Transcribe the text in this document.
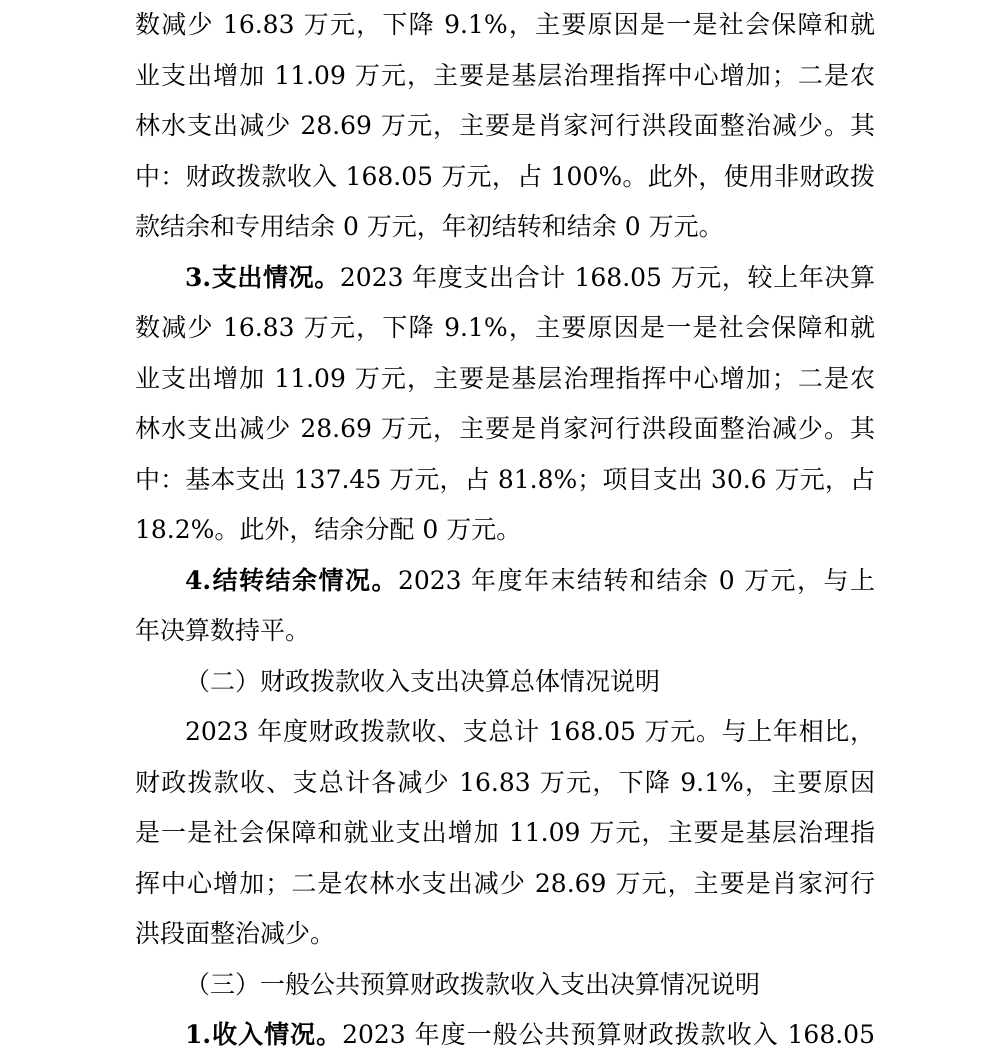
数减少 16.83 万元，下降 9.1%，主要原因是一是社会保障和就
业支出增加 11.09 万元，主要是基层治理指挥中心增加；二是农
林水支出减少 28.69 万元，主要是肖家河行洪段面整治减少。其
中：财政拨款收入 168.05 万元，占 100%。此外，使用非财政拨
款结余和专用结余 0 万元，年初结转和结余 0 万元。
3.支出情况。2023 年度支出合计 168.05 万元，较上年决算
数减少 16.83 万元，下降 9.1%，主要原因是一是社会保障和就
业支出增加 11.09 万元，主要是基层治理指挥中心增加；二是农
林水支出减少 28.69 万元，主要是肖家河行洪段面整治减少。其
中：基本支出 137.45 万元，占 81.8%；项目支出 30.6 万元，占
18.2%。此外，结余分配 0 万元。
4.结转结余情况。2023 年度年末结转和结余 0 万元，与上
年决算数持平。
（二）财政拨款收入支出决算总体情况说明
2023 年度财政拨款收、支总计 168.05 万元。与上年相比，
财政拨款收、支总计各减少 16.83 万元，下降 9.1%，主要原因
是一是社会保障和就业支出增加 11.09 万元，主要是基层治理指
挥中心增加；二是农林水支出减少 28.69 万元，主要是肖家河行
洪段面整治减少。
（三）一般公共预算财政拨款收入支出决算情况说明
1.收入情况。2023 年度一般公共预算财政拨款收入 168.05
